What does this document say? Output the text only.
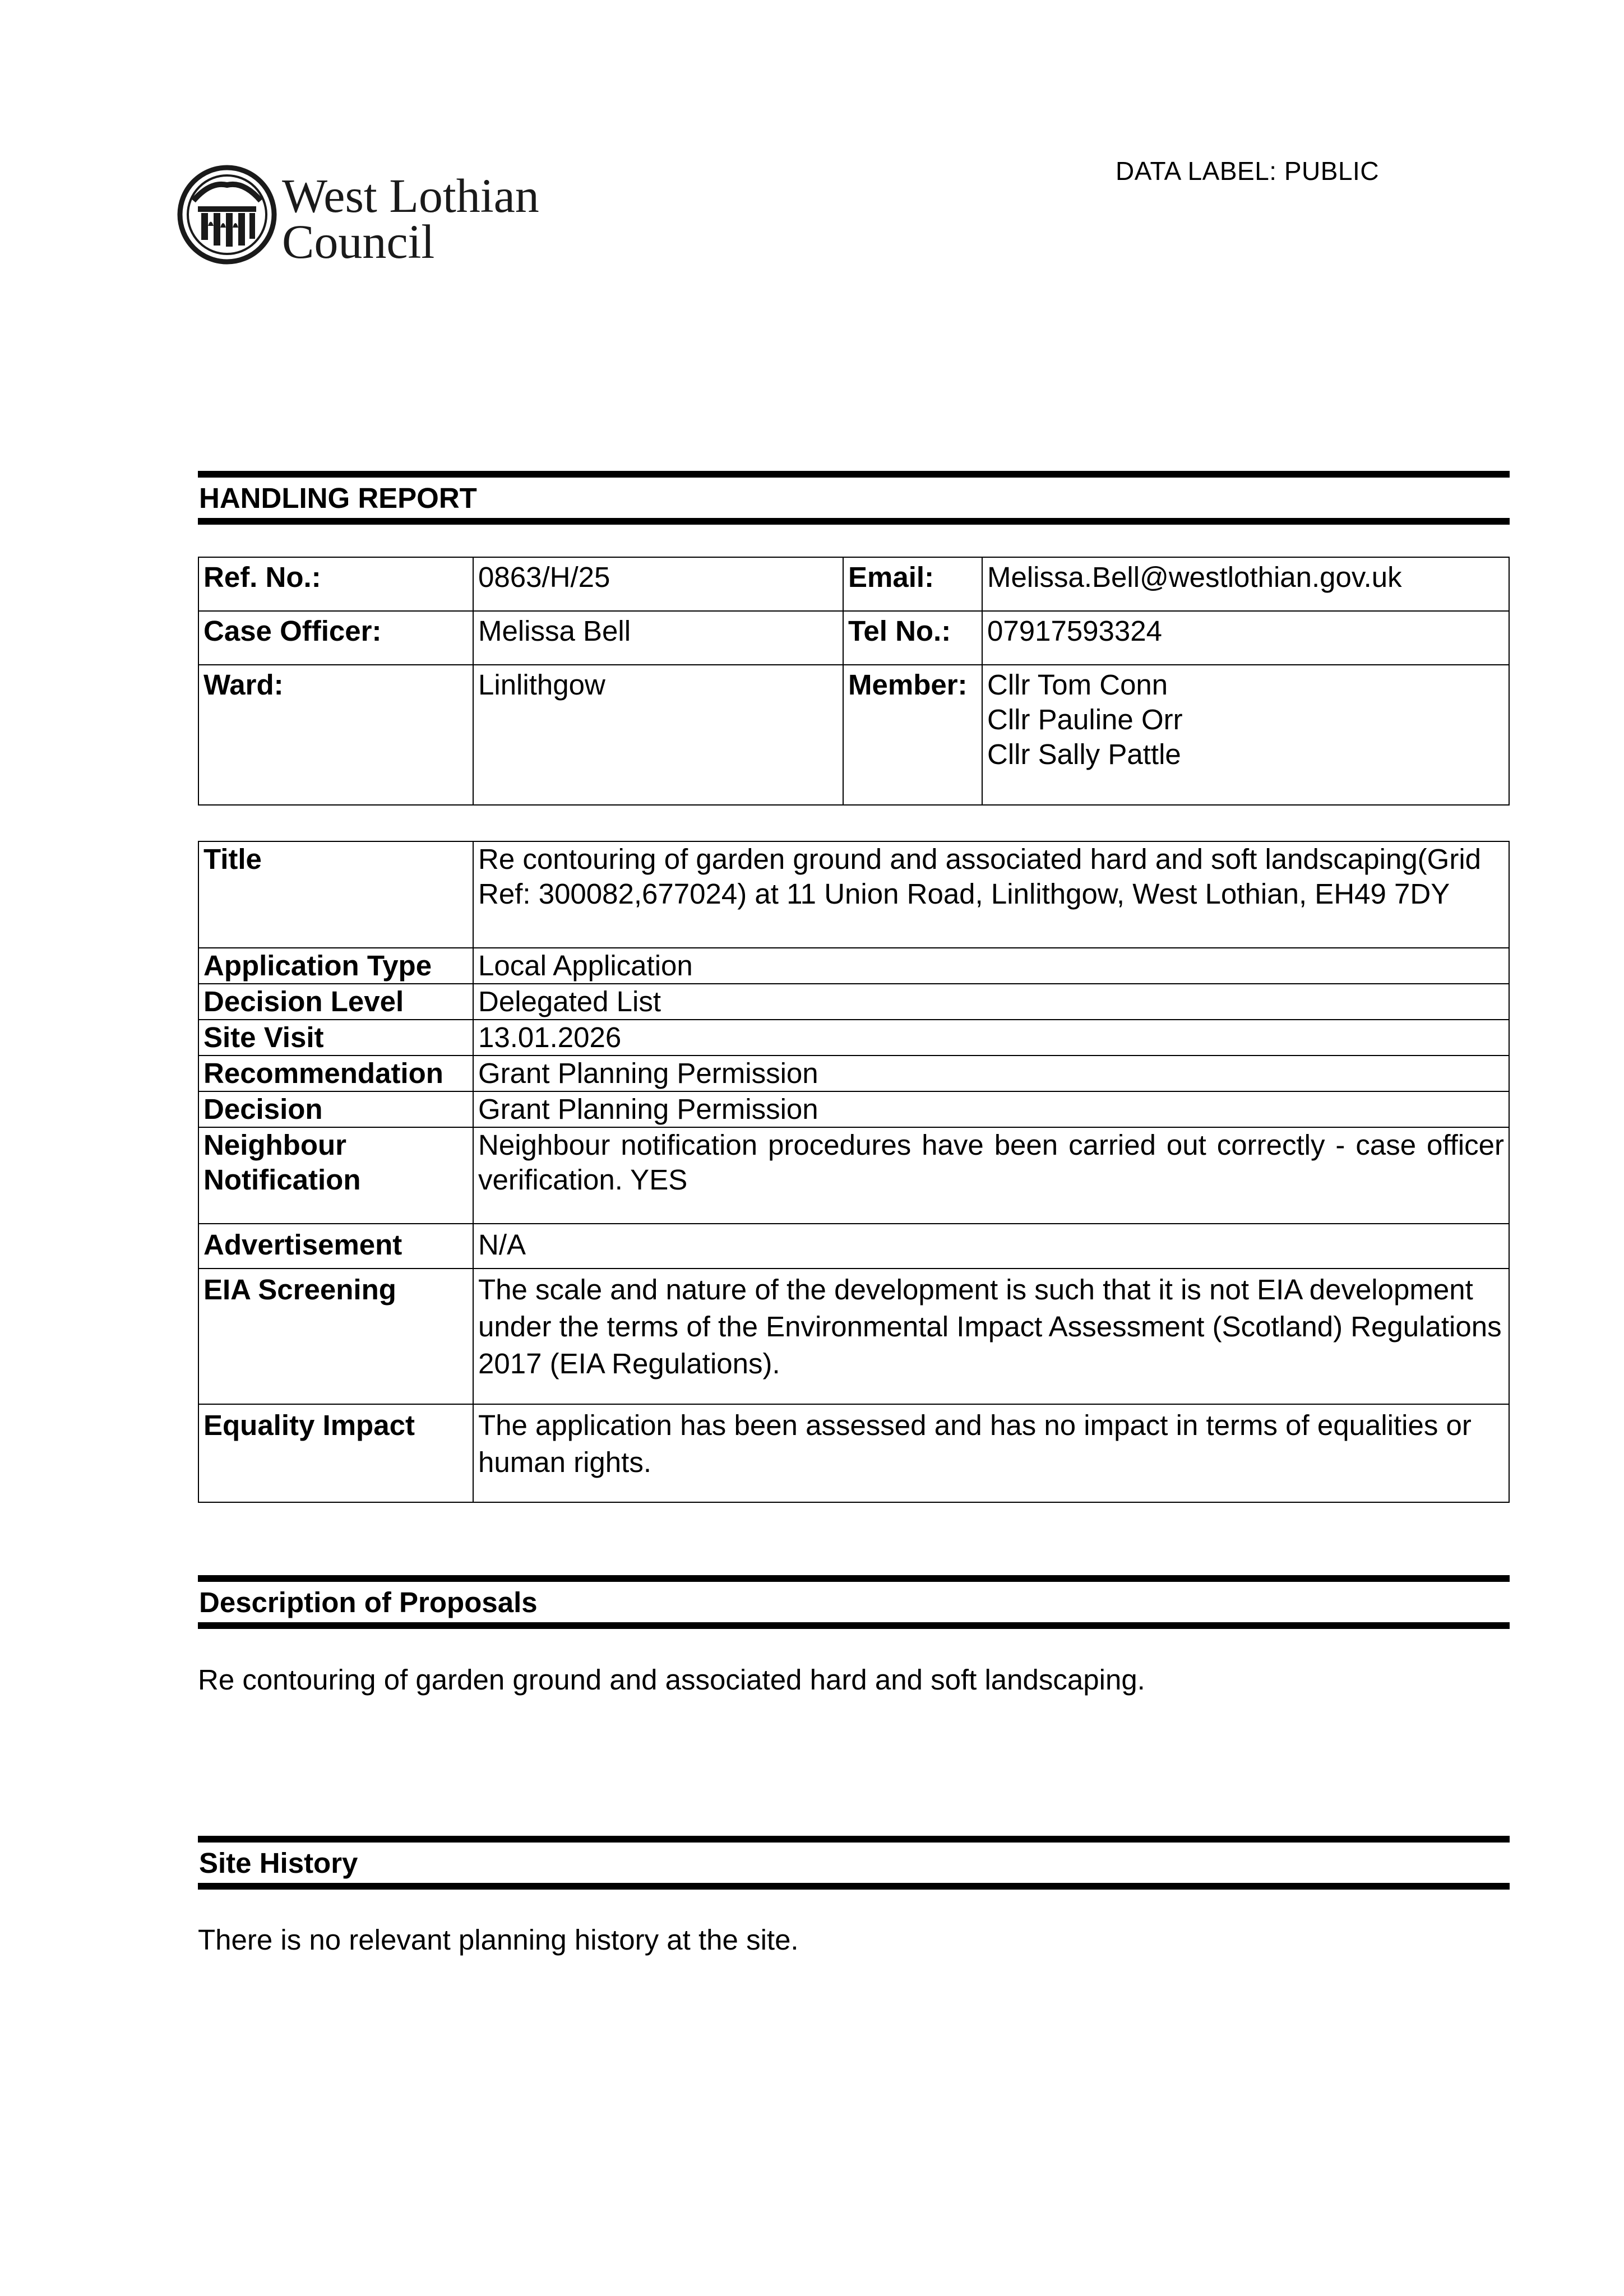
West Lothian
Council
DATA LABEL: PUBLIC
HANDLING REPORT
Ref. No.:	0863/H/25	Email:	Melissa.Bell@westlothian.gov.uk
Case Officer:	Melissa Bell	Tel No.:	07917593324
Ward:	Linlithgow	Member:	Cllr Tom Conn
Cllr Pauline Orr
Cllr Sally Pattle
Title	Re contouring of garden ground and associated hard and soft landscaping(Grid Ref: 300082,677024) at 11 Union Road, Linlithgow, West Lothian, EH49 7DY
Application Type	Local Application
Decision Level	Delegated List
Site Visit	13.01.2026
Recommendation	Grant Planning Permission
Decision	Grant Planning Permission
Neighbour Notification	Neighbour notification procedures have been carried out correctly - case officer verification. YES
Advertisement	N/A
EIA Screening	The scale and nature of the development is such that it is not EIA development under the terms of the Environmental Impact Assessment (Scotland) Regulations 2017 (EIA Regulations).
Equality Impact	The application has been assessed and has no impact in terms of equalities or human rights.
Description of Proposals
Re contouring of garden ground and associated hard and soft landscaping.
Site History
There is no relevant planning history at the site.
